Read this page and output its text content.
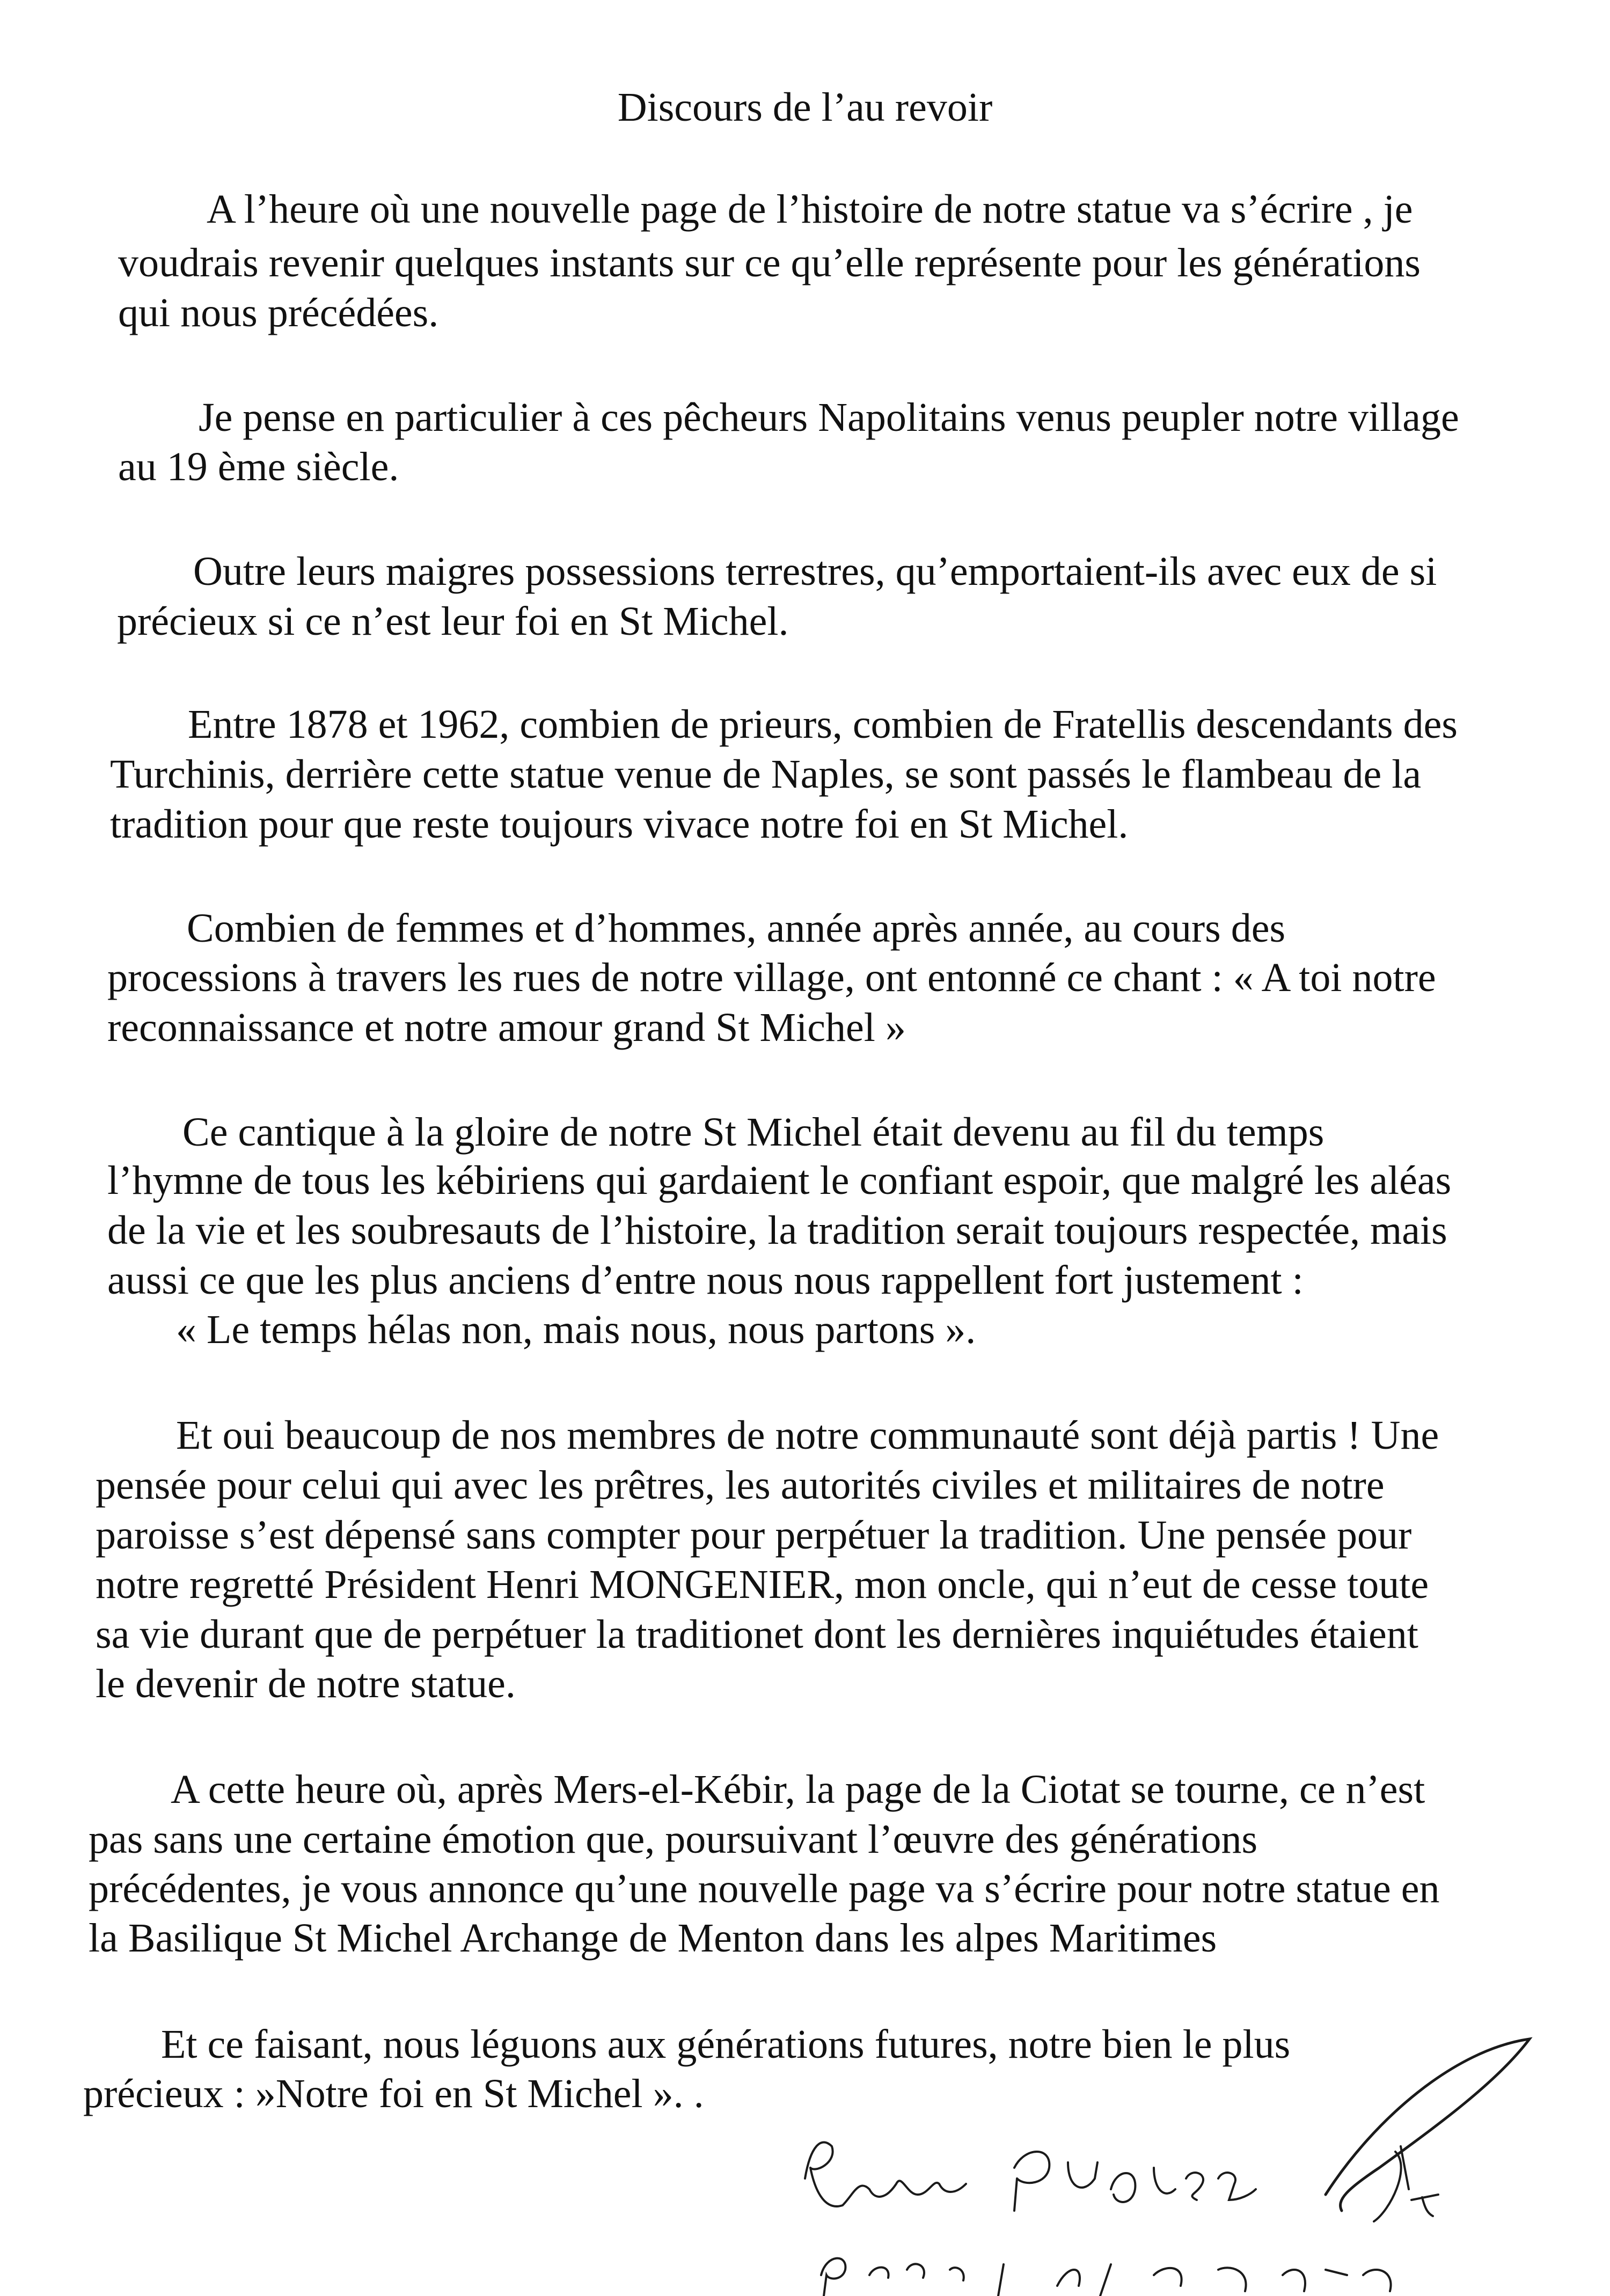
Discours de l’au revoir

A l’heure où une nouvelle page de l’histoire de notre statue va s’écrire , je

voudrais revenir quelques instants sur ce qu’elle représente pour les générations

qui nous précédées.

Je pense en particulier à ces pêcheurs Napolitains venus peupler notre village

au 19 ème siècle.

Outre leurs maigres possessions terrestres, qu’emportaient-ils avec eux de si

précieux si ce n’est leur foi en St Michel.

Entre 1878 et 1962, combien de prieurs, combien de Fratellis descendants des

Turchinis, derrière cette statue venue de Naples, se sont passés le flambeau de la

tradition pour que reste toujours vivace notre foi en St Michel.

Combien de femmes et d’hommes, année après année, au cours des

processions à travers les rues de notre village, ont entonné ce chant : « A toi notre

reconnaissance et notre amour grand St Michel »

Ce cantique à la gloire de notre St Michel était devenu au fil du temps

l’hymne de tous les kébiriens qui gardaient le confiant espoir, que malgré les aléas

de la vie et les soubresauts de l’histoire, la tradition serait toujours respectée, mais

aussi ce que les plus anciens d’entre nous nous rappellent fort justement :

« Le temps hélas non, mais nous, nous partons ».

Et oui beaucoup de nos membres de notre communauté sont déjà partis ! Une

pensée pour celui qui avec les prêtres, les autorités civiles et militaires de notre

paroisse s’est dépensé sans compter pour perpétuer la tradition. Une pensée pour

notre regretté Président Henri MONGENIER, mon oncle, qui n’eut de cesse toute

sa vie durant que de perpétuer la traditionet dont les dernières inquiétudes étaient

le devenir de notre statue.

A cette heure où, après Mers-el-Kébir, la page de la Ciotat se tourne, ce n’est

pas sans une certaine émotion que, poursuivant l’œuvre des générations

précédentes, je vous annonce qu’une nouvelle page va s’écrire pour notre statue en

la Basilique St Michel Archange de Menton dans les alpes Maritimes

Et ce faisant, nous léguons aux générations futures, notre bien le plus

précieux : »Notre foi en St Michel ». .
